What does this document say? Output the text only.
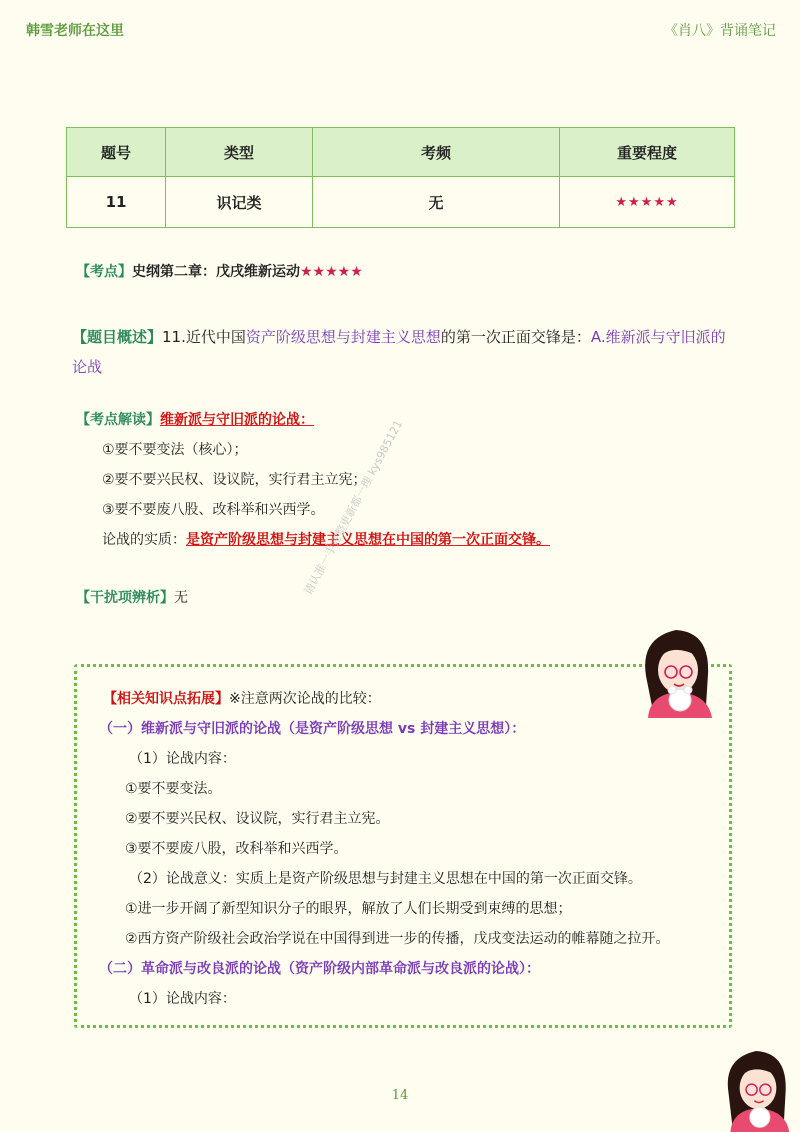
韩雪老师在这里	《肖八》背诵笔记
题号	类型	考频	重要程度
11	识记类	无	★★★★★
【考点】史纲第二章：戊戌维新运动★★★★★
【题目概述】11.近代中国资产阶级思想与封建主义思想的第一次正面交锋是：A.维新派与守旧派的论战
【考点解读】维新派与守旧派的论战：
①要不要变法（核心）；
②要不要兴民权、设议院，实行君主立宪；
③要不要废八股、改科举和兴西学。
论战的实质：是资产阶级思想与封建主义思想在中国的第一次正面交锋。
【干扰项辨析】无
请认准一手完整更新都一理 kys985121
【相关知识点拓展】※注意两次论战的比较：
（一）维新派与守旧派的论战（是资产阶级思想 vs 封建主义思想）：
（1）论战内容：
①要不要变法。
②要不要兴民权、设议院，实行君主立宪。
③要不要废八股，改科举和兴西学。
（2）论战意义：实质上是资产阶级思想与封建主义思想在中国的第一次正面交锋。
①进一步开阔了新型知识分子的眼界，解放了人们长期受到束缚的思想；
②西方资产阶级社会政治学说在中国得到进一步的传播，戊戌变法运动的帷幕随之拉开。
（二）革命派与改良派的论战（资产阶级内部革命派与改良派的论战）：
（1）论战内容：
14
